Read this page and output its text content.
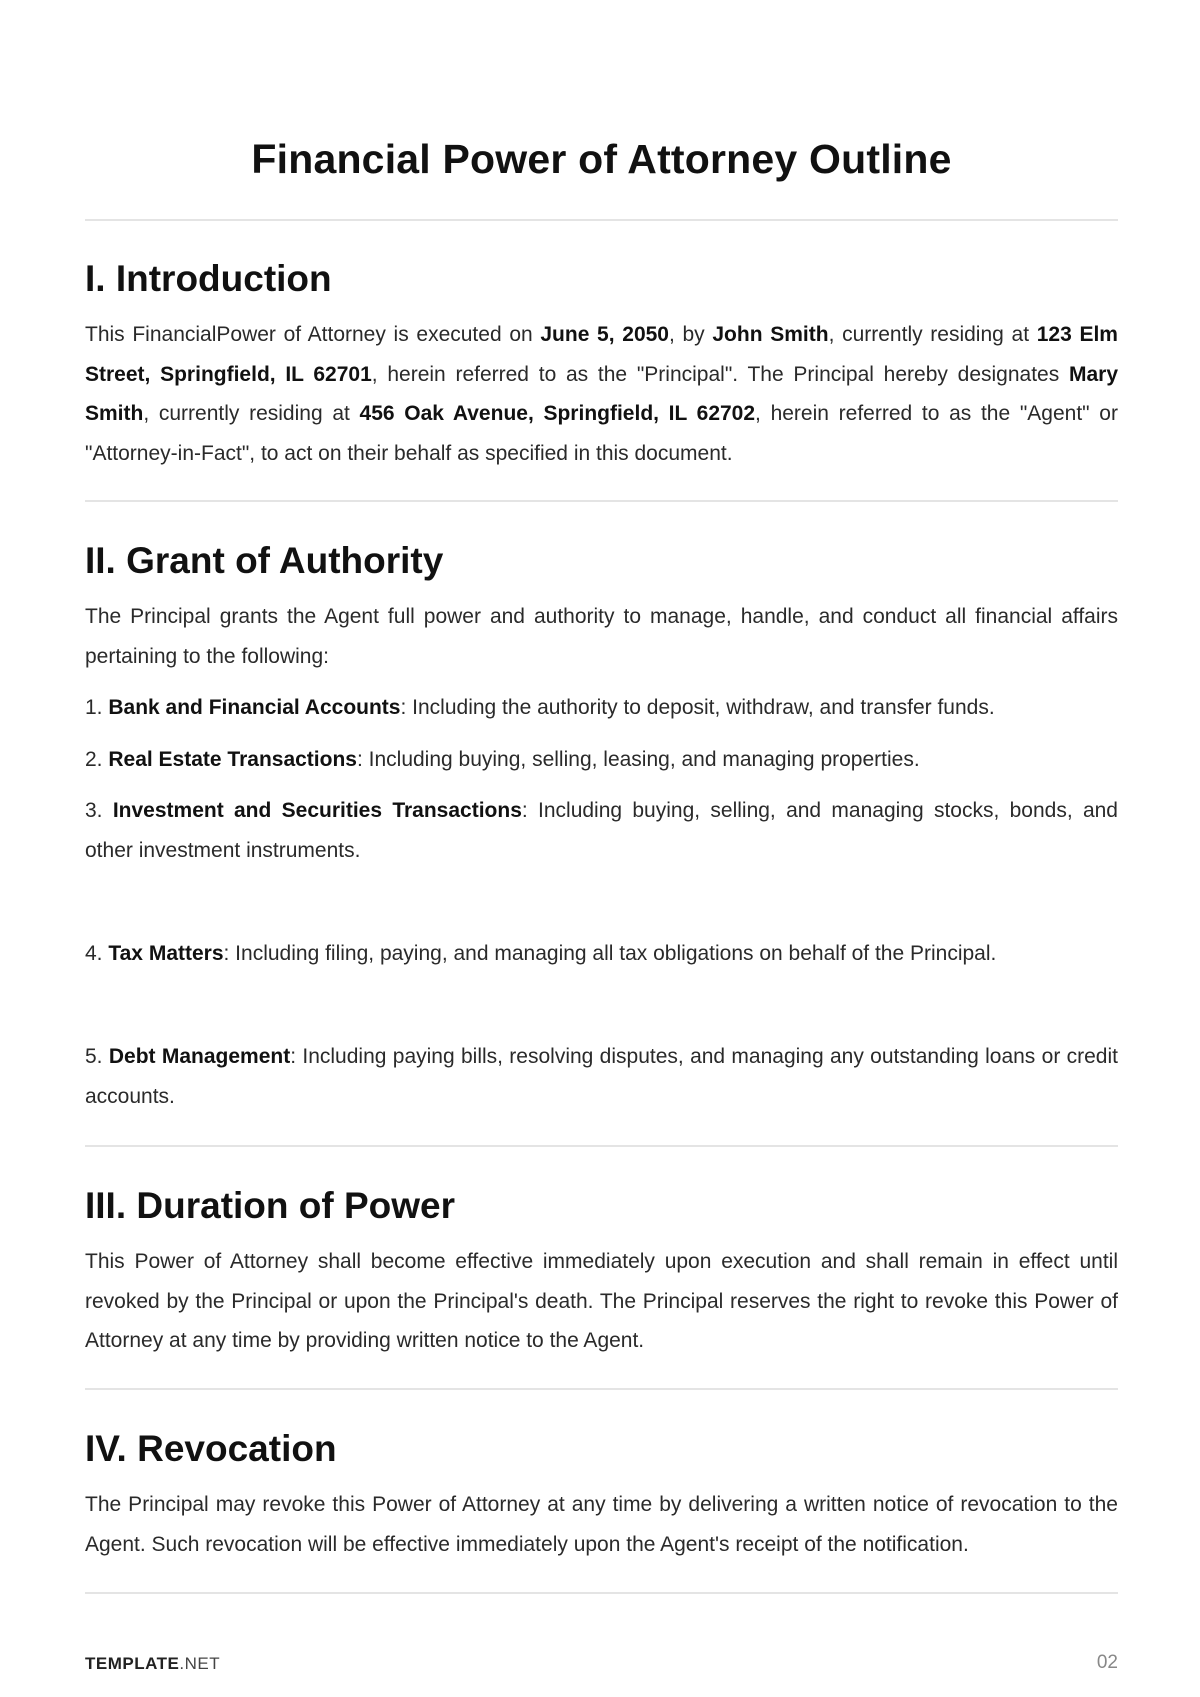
Financial Power of Attorney Outline
I. Introduction

This FinancialPower of Attorney is executed on June 5, 2050, by John Smith, currently residing at 123 Elm Street, Springfield, IL 62701, herein referred to as the "Principal". The Principal hereby designates Mary Smith, currently residing at 456 Oak Avenue, Springfield, IL 62702, herein referred to as the "Agent" or "Attorney-in-Fact", to act on their behalf as specified in this document.

II. Grant of Authority

The Principal grants the Agent full power and authority to manage, handle, and conduct all financial affairs pertaining to the following:

1. Bank and Financial Accounts: Including the authority to deposit, withdraw, and transfer funds.

2. Real Estate Transactions: Including buying, selling, leasing, and managing properties.

3. Investment and Securities Transactions: Including buying, selling, and managing stocks, bonds, and other investment instruments.

4. Tax Matters: Including filing, paying, and managing all tax obligations on behalf of the Principal.

5. Debt Management: Including paying bills, resolving disputes, and managing any outstanding loans or credit accounts.

III. Duration of Power

This Power of Attorney shall become effective immediately upon execution and shall remain in effect until revoked by the Principal or upon the Principal's death. The Principal reserves the right to revoke this Power of Attorney at any time by providing written notice to the Agent.

IV. Revocation

The Principal may revoke this Power of Attorney at any time by delivering a written notice of revocation to the Agent. Such revocation will be effective immediately upon the Agent's receipt of the notification.

TEMPLATE.NET	02
